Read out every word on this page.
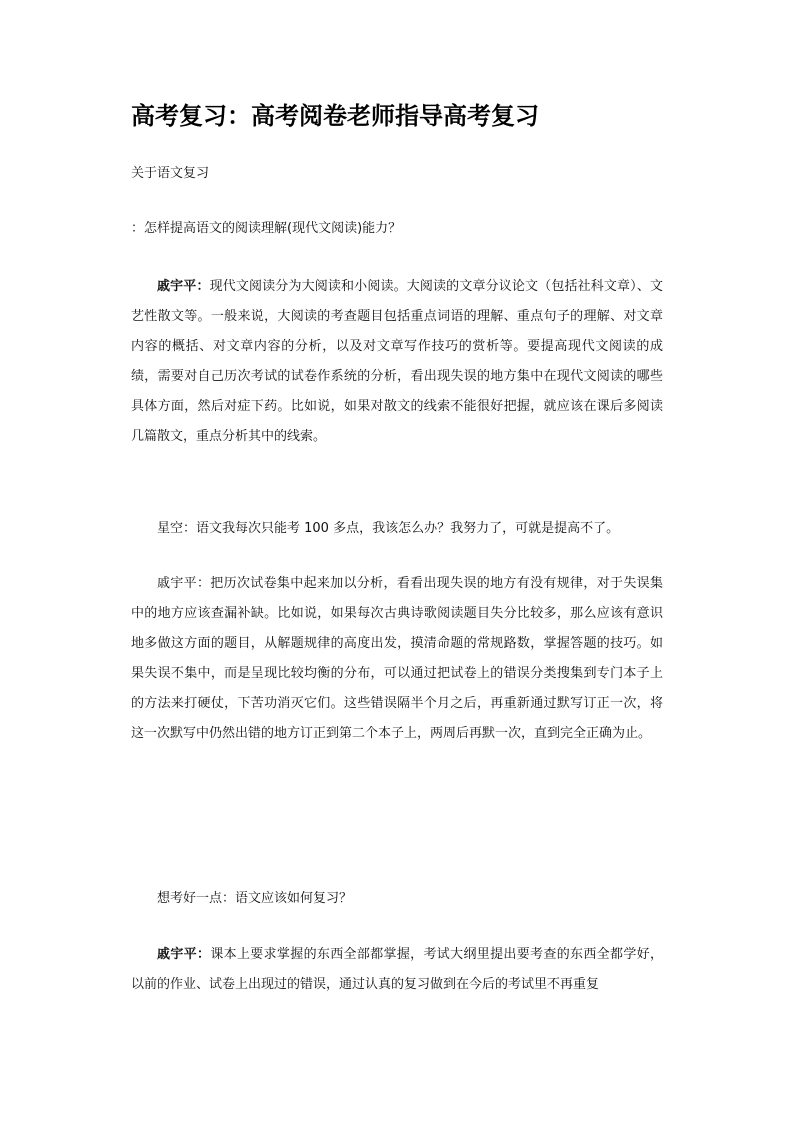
高考复习：高考阅卷老师指导高考复习
关于语文复习
：怎样提高语文的阅读理解(现代文阅读)能力？
戚宇平：现代文阅读分为大阅读和小阅读。大阅读的文章分议论文（包括社科文章）、文艺性散文等。一般来说，大阅读的考查题目包括重点词语的理解、重点句子的理解、对文章内容的概括、对文章内容的分析，以及对文章写作技巧的赏析等。要提高现代文阅读的成绩，需要对自己历次考试的试卷作系统的分析，看出现失误的地方集中在现代文阅读的哪些具体方面，然后对症下药。比如说，如果对散文的线索不能很好把握，就应该在课后多阅读几篇散文，重点分析其中的线索。
星空：语文我每次只能考 100 多点，我该怎么办？我努力了，可就是提高不了。
戚宇平：把历次试卷集中起来加以分析，看看出现失误的地方有没有规律，对于失误集中的地方应该查漏补缺。比如说，如果每次古典诗歌阅读题目失分比较多，那么应该有意识地多做这方面的题目，从解题规律的高度出发，摸清命题的常规路数，掌握答题的技巧。如果失误不集中，而是呈现比较均衡的分布，可以通过把试卷上的错误分类搜集到专门本子上的方法来打硬仗，下苦功消灭它们。这些错误隔半个月之后，再重新通过默写订正一次，将这一次默写中仍然出错的地方订正到第二个本子上，两周后再默一次，直到完全正确为止。
想考好一点：语文应该如何复习？
戚宇平：课本上要求掌握的东西全部都掌握，考试大纲里提出要考查的东西全都学好，以前的作业、试卷上出现过的错误，通过认真的复习做到在今后的考试里不再重复
